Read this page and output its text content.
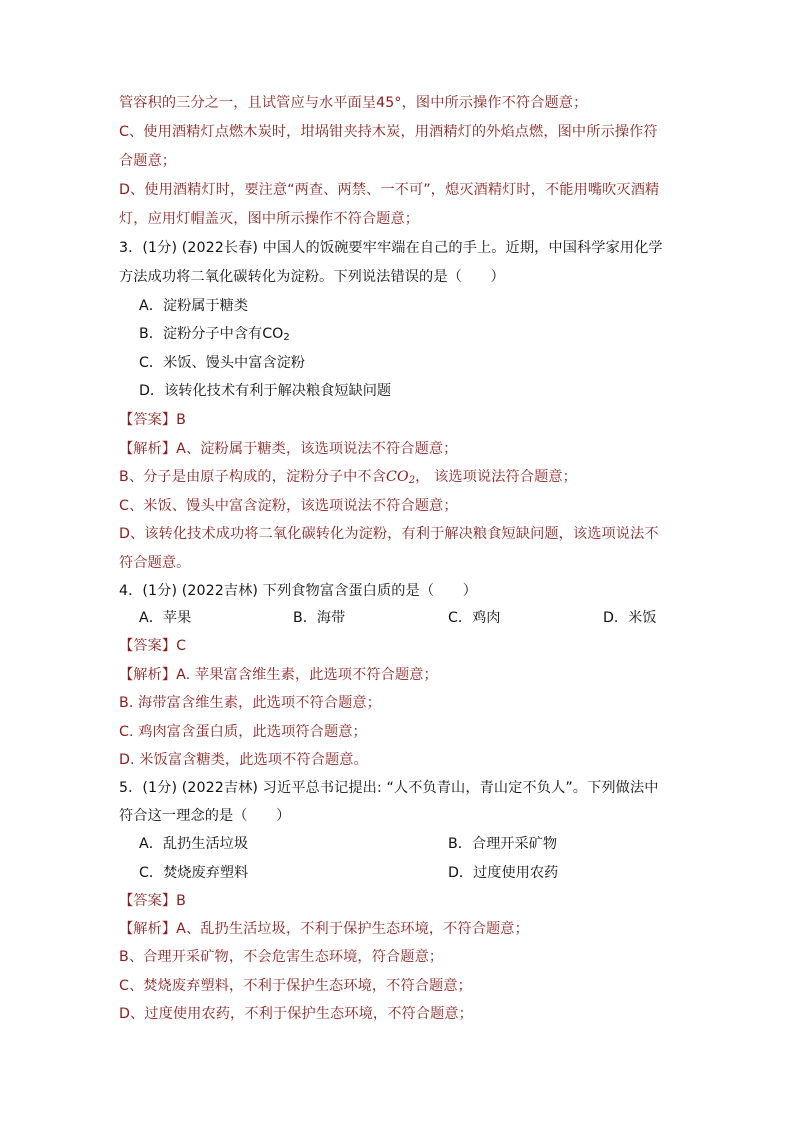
管容积的三分之一，且试管应与水平面呈45°，图中所示操作不符合题意；
C、使用酒精灯点燃木炭时，坩埚钳夹持木炭，用酒精灯的外焰点燃，图中所示操作符
合题意；
D、使用酒精灯时，要注意“两查、两禁、一不可”，熄灭酒精灯时，不能用嘴吹灭酒精
灯，应用灯帽盖灭，图中所示操作不符合题意；
3．(1分) (2022长春) 中国人的饭碗要牢牢端在自己的手上。近期，中国科学家用化学
方法成功将二氧化碳转化为淀粉。下列说法错误的是（　　）
A．淀粉属于糖类
B．淀粉分子中含有$CO_2$
C．米饭、馒头中富含淀粉
D．该转化技术有利于解决粮食短缺问题
【答案】B
【解析】A、淀粉属于糖类，该选项说法不符合题意；
B、分子是由原子构成的，淀粉分子中不含$CO_2$， 该选项说法符合题意；
C、米饭、馒头中富含淀粉，该选项说法不符合题意；
D、该转化技术成功将二氧化碳转化为淀粉，有利于解决粮食短缺问题，该选项说法不
符合题意。
4．(1分) (2022吉林) 下列食物富含蛋白质的是（　　）
A．苹果	B．海带	C．鸡肉	D．米饭
【答案】C
【解析】A. 苹果富含维生素，此选项不符合题意；
B. 海带富含维生素，此选项不符合题意；
C. 鸡肉富含蛋白质，此选项符合题意；
D. 米饭富含糖类，此选项不符合题意。
5．(1分) (2022吉林) 习近平总书记提出: “人不负青山，青山定不负人”。下列做法中
符合这一理念的是（　　）
A．乱扔生活垃圾	B．合理开采矿物
C．焚烧废弃塑料	D．过度使用农药
【答案】B
【解析】A、乱扔生活垃圾，不利于保护生态环境，不符合题意；
B、合理开采矿物，不会危害生态环境，符合题意；
C、焚烧废弃塑料，不利于保护生态环境，不符合题意；
D、过度使用农药，不利于保护生态环境，不符合题意；
